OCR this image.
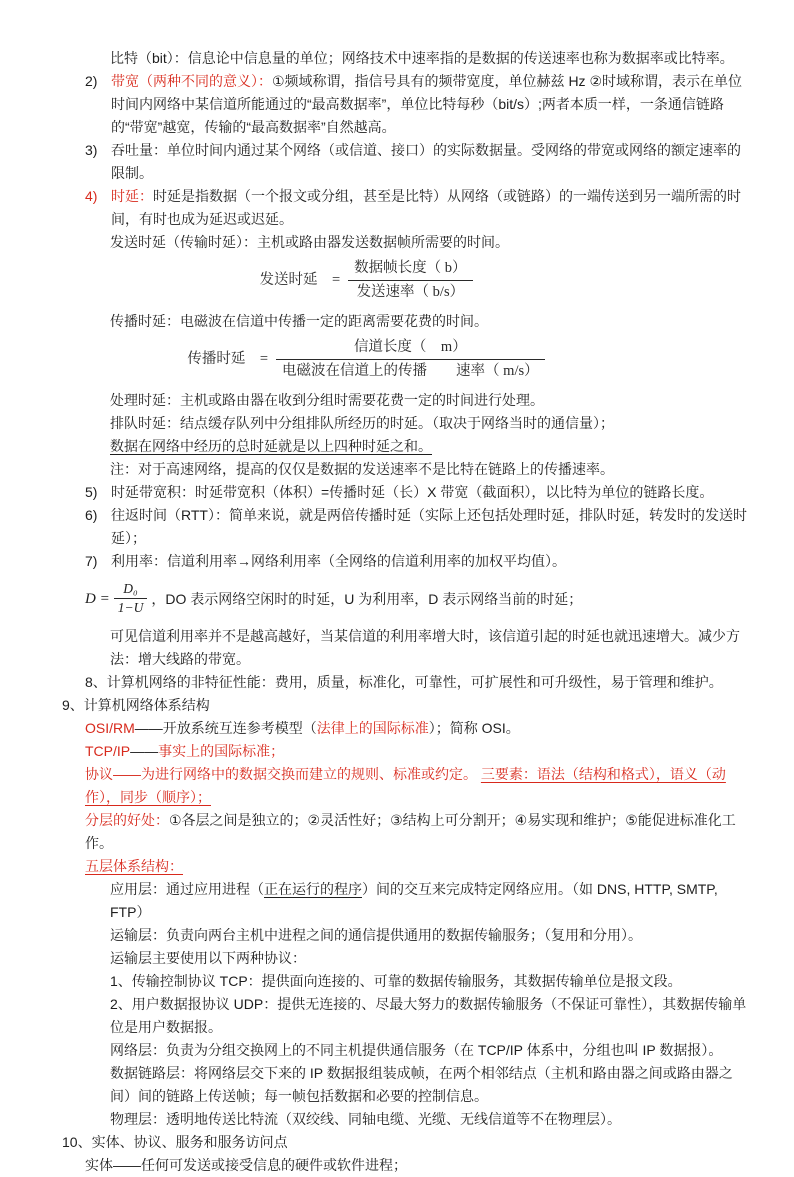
比特（bit）：信息论中信息量的单位；网络技术中速率指的是数据的传送速率也称为数据率或比特率。
2) 带宽（两种不同的意义）：①频域称谓，指信号具有的频带宽度，单位赫兹 Hz ②时域称谓，表示在单位时间内网络中某信道所能通过的“最高数据率”，单位比特每秒（bit/s）;两者本质一样，一条通信链路的“带宽”越宽，传输的“最高数据率”自然越高。
3) 吞吐量：单位时间内通过某个网络（或信道、接口）的实际数据量。受网络的带宽或网络的额定速率的限制。
4) 时延：时延是指数据（一个报文或分组，甚至是比特）从网络（或链路）的一端传送到另一端所需的时间，有时也成为延迟或迟延。
发送时延（传输时延）：主机或路由器发送数据帧所需要的时间。
发送时延　= $\frac{\text{数据帧长度（ b）}}{\text{发送速率（ b/s）}}$
传播时延：电磁波在信道中传播一定的距离需要花费的时间。
传播时延　= $\frac{\text{信道长度（　m）}}{\text{电磁波在信道上的传播　　速率（ m/s）}}$
处理时延：主机或路由器在收到分组时需要花费一定的时间进行处理。
排队时延：结点缓存队列中分组排队所经历的时延。（取决于网络当时的通信量）；
数据在网络中经历的总时延就是以上四种时延之和。
注：对于高速网络，提高的仅仅是数据的发送速率不是比特在链路上的传播速率。
5) 时延带宽积：时延带宽积（体积）=传播时延（长）X 带宽（截面积），以比特为单位的链路长度。
6) 往返时间（RTT）：简单来说，就是两倍传播时延（实际上还包括处理时延，排队时延，转发时的发送时延）；
7) 利用率：信道利用率→网络利用率（全网络的信道利用率的加权平均值）。
$D = \frac{\text{D₀}}{1-U}$ ，DO 表示网络空闲时的时延，U 为利用率，D 表示网络当前的时延；
可见信道利用率并不是越高越好，当某信道的利用率增大时，该信道引起的时延也就迅速增大。减少方法：增大线路的带宽。
8、计算机网络的非特征性能：费用，质量，标准化，可靠性，可扩展性和可升级性，易于管理和维护。
9、计算机网络体系结构
OSI/RM——开放系统互连参考模型（法律上的国际标准）；简称 OSI。
TCP/IP——事实上的国际标准；
协议——为进行网络中的数据交换而建立的规则、标准或约定。 三要素：语法（结构和格式），语义（动作），同步（顺序）；
分层的好处：①各层之间是独立的；②灵活性好；③结构上可分割开；④易实现和维护；⑤能促进标准化工作。
五层体系结构：
应用层：通过应用进程（正在运行的程序）间的交互来完成特定网络应用。（如 DNS, HTTP, SMTP, FTP）
运输层：负责向两台主机中进程之间的通信提供通用的数据传输服务；（复用和分用）。
运输层主要使用以下两种协议：
1、传输控制协议 TCP：提供面向连接的、可靠的数据传输服务，其数据传输单位是报文段。
2、用户数据报协议 UDP：提供无连接的、尽最大努力的数据传输服务（不保证可靠性），其数据传输单位是用户数据报。
网络层：负责为分组交换网上的不同主机提供通信服务（在 TCP/IP 体系中，分组也叫 IP 数据报）。
数据链路层：将网络层交下来的 IP 数据报组装成帧，在两个相邻结点（主机和路由器之间或路由器之间）间的链路上传送帧；每一帧包括数据和必要的控制信息。
物理层：透明地传送比特流（双绞线、同轴电缆、光缆、无线信道等不在物理层）。
10、实体、协议、服务和服务访问点
实体——任何可发送或接受信息的硬件或软件进程；
